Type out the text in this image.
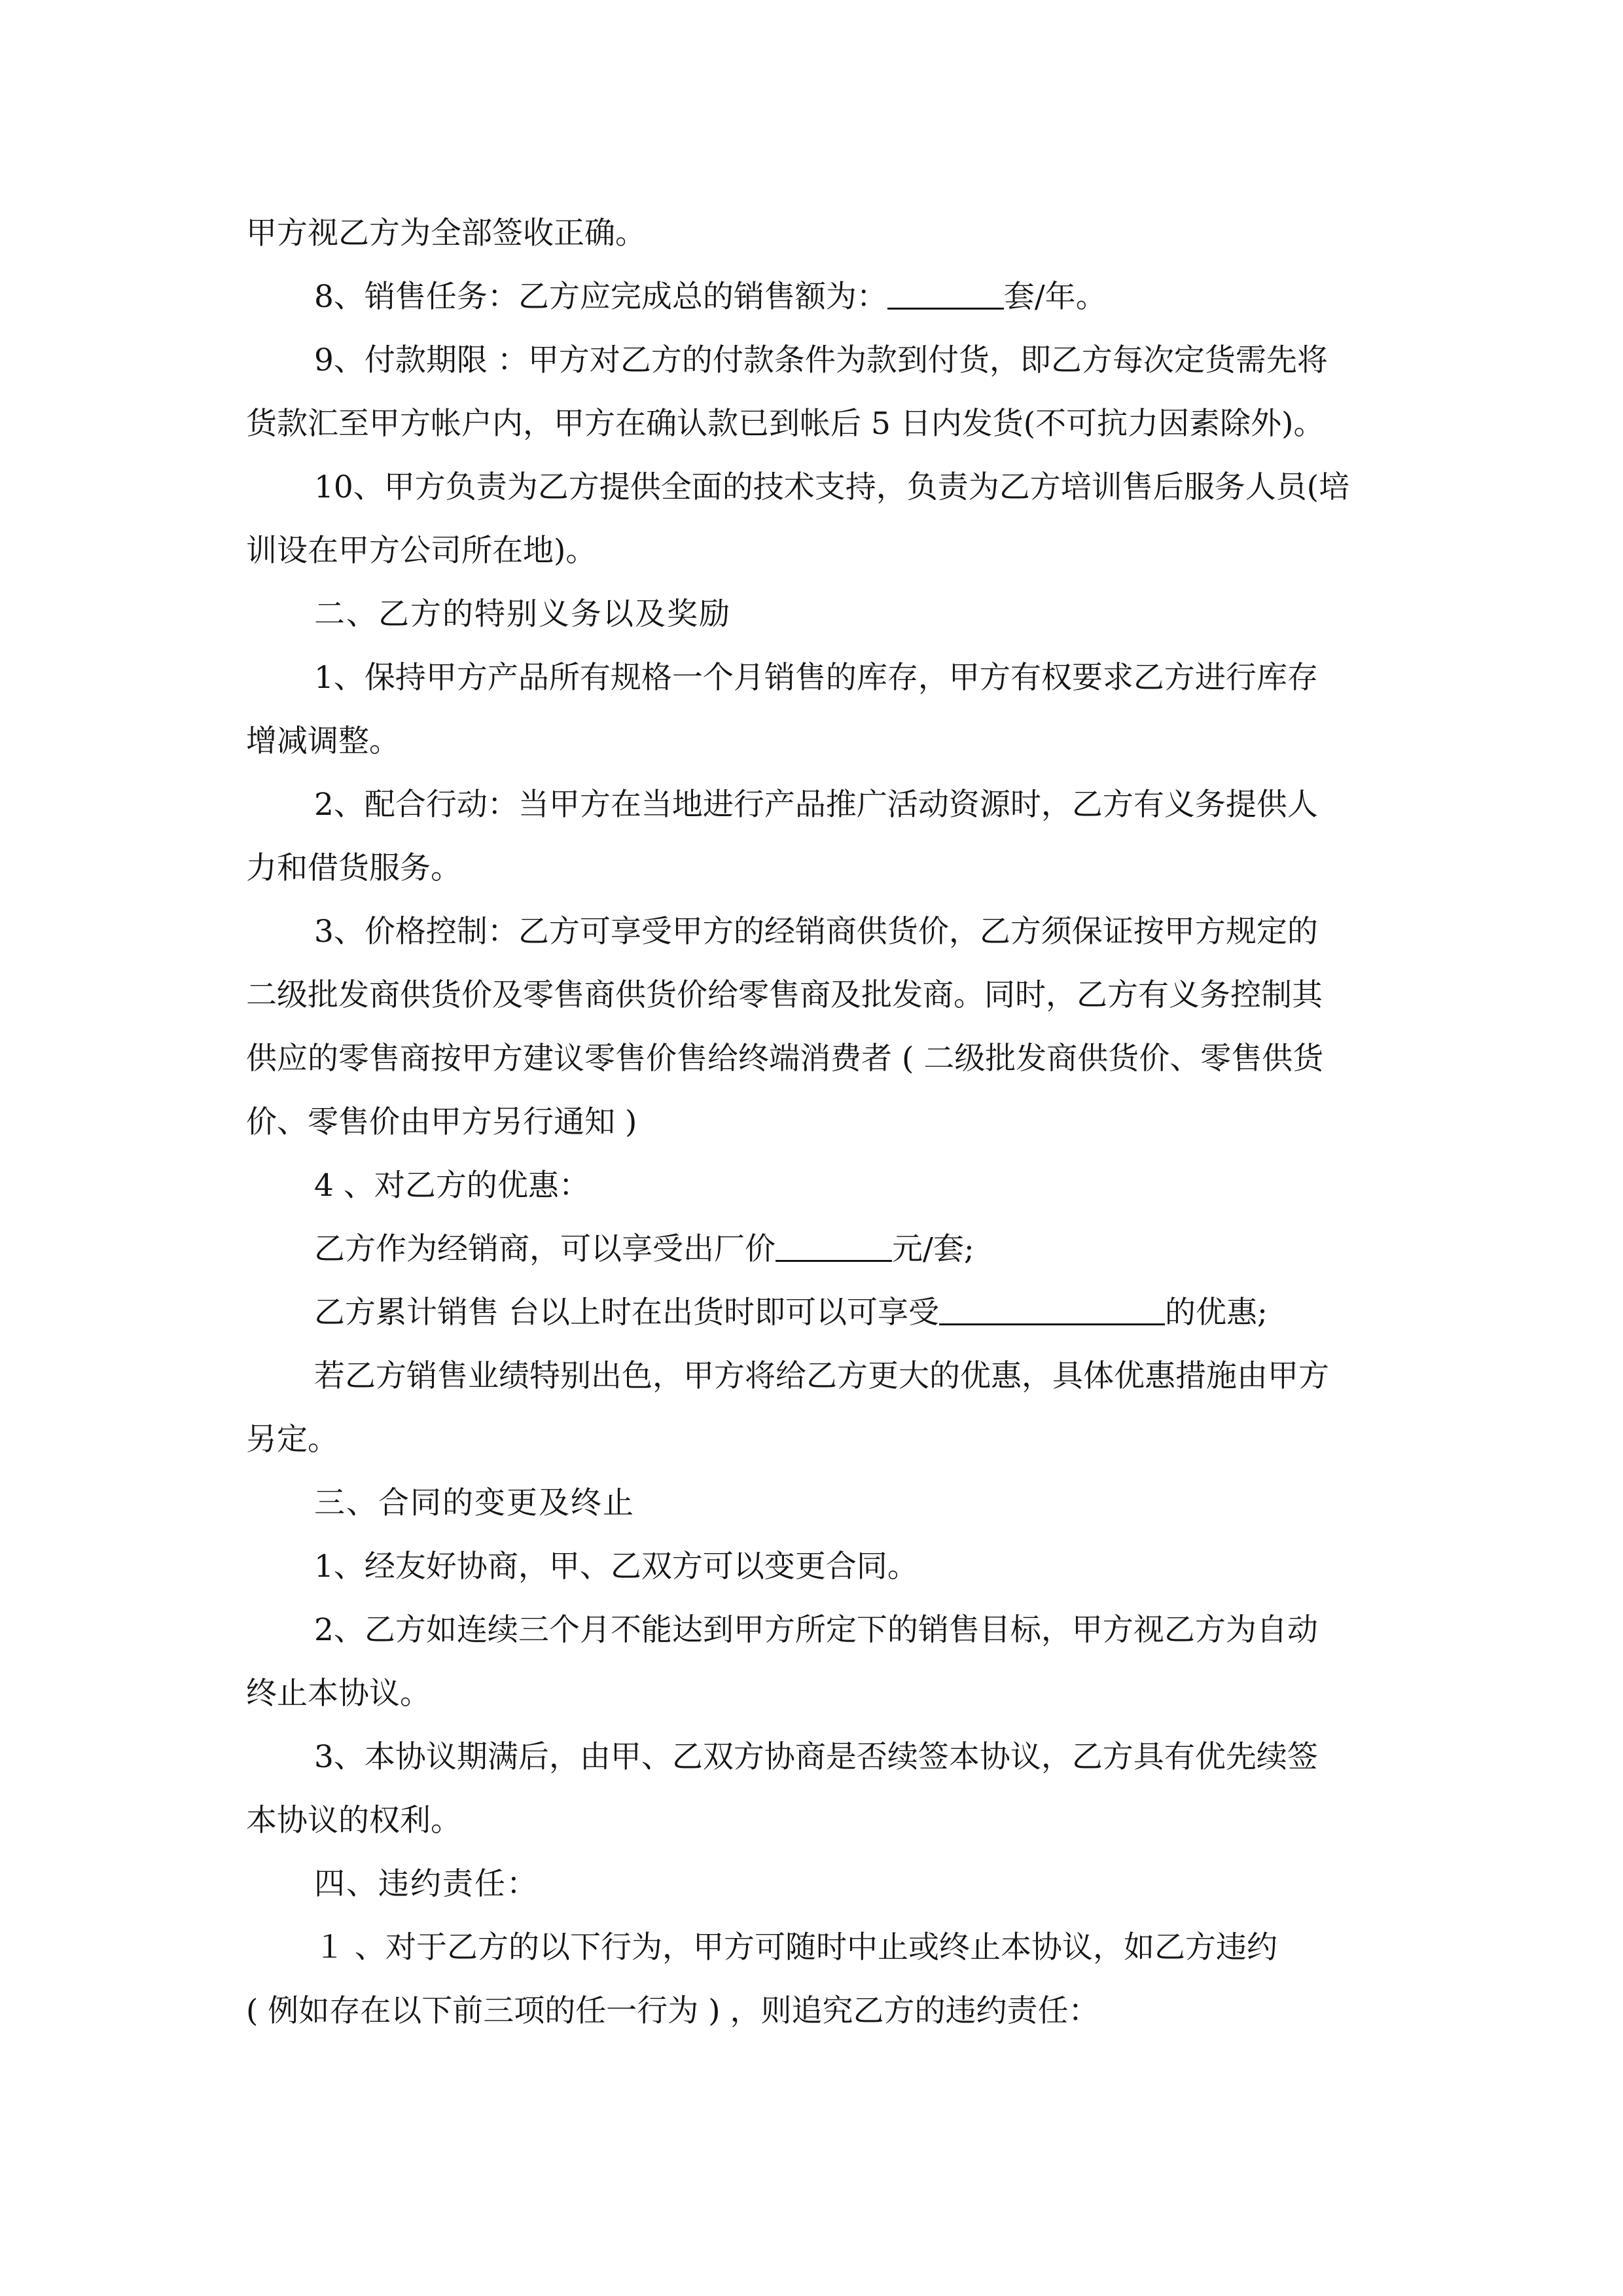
甲方视乙方为全部签收正确。
8、销售任务：乙方应完成总的销售额为：	套/年。
9、付款期限 ：甲方对乙方的付款条件为款到付货，即乙方每次定货需先将
货款汇至甲方帐户内，甲方在确认款已到帐后 5 日内发货(不可抗力因素除外)。
10、甲方负责为乙方提供全面的技术支持，负责为乙方培训售后服务人员(培
训设在甲方公司所在地)。
二、乙方的特别义务以及奖励
1、保持甲方产品所有规格一个月销售的库存，甲方有权要求乙方进行库存
增减调整。
2、配合行动：当甲方在当地进行产品推广活动资源时，乙方有义务提供人
力和借货服务。
3、价格控制：乙方可享受甲方的经销商供货价，乙方须保证按甲方规定的
二级批发商供货价及零售商供货价给零售商及批发商。同时，乙方有义务控制其
供应的零售商按甲方建议零售价售给终端消费者 ( 二级批发商供货价、零售供货
价、零售价由甲方另行通知 )
4 、对乙方的优惠：
乙方作为经销商，可以享受出厂价	元/套;
乙方累计销售 台以上时在出货时即可以可享受	的优惠;
若乙方销售业绩特别出色，甲方将给乙方更大的优惠，具体优惠措施由甲方
另定。
三、合同的变更及终止
1、经友好协商，甲、乙双方可以变更合同。
2、乙方如连续三个月不能达到甲方所定下的销售目标，甲方视乙方为自动
终止本协议。
3、本协议期满后，由甲、乙双方协商是否续签本协议，乙方具有优先续签
本协议的权利。
四、违约责任：
１ 、对于乙方的以下行为，甲方可随时中止或终止本协议，如乙方违约
( 例如存在以下前三项的任一行为 ) ，则追究乙方的违约责任：
